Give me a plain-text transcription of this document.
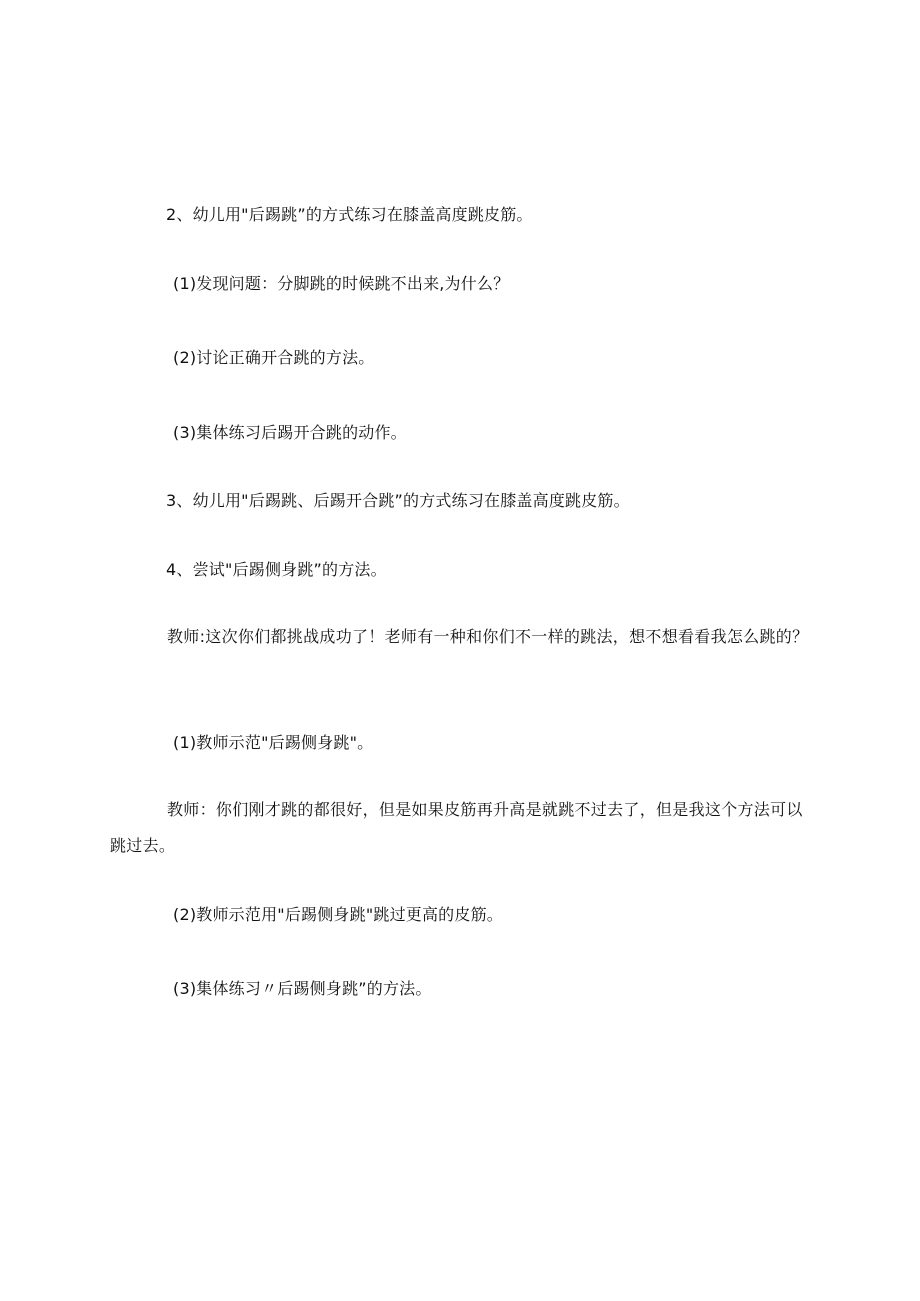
2、幼儿用"后踢跳”的方式练习在膝盖高度跳皮筋。
(1)发现问题：分脚跳的时候跳不出来,为什么？
(2)讨论正确开合跳的方法。
(3)集体练习后踢开合跳的动作。
3、幼儿用"后踢跳、后踢开合跳”的方式练习在膝盖高度跳皮筋。
4、尝试"后踢侧身跳”的方法。
教师:这次你们都挑战成功了！老师有一种和你们不一样的跳法，想不想看看我怎么跳的？
(1)教师示范"后踢侧身跳"。
教师：你们刚才跳的都很好，但是如果皮筋再升高是就跳不过去了，但是我这个方法可以跳过去。
(2)教师示范用"后踢侧身跳"跳过更高的皮筋。
(3)集体练习〃后踢侧身跳”的方法。
